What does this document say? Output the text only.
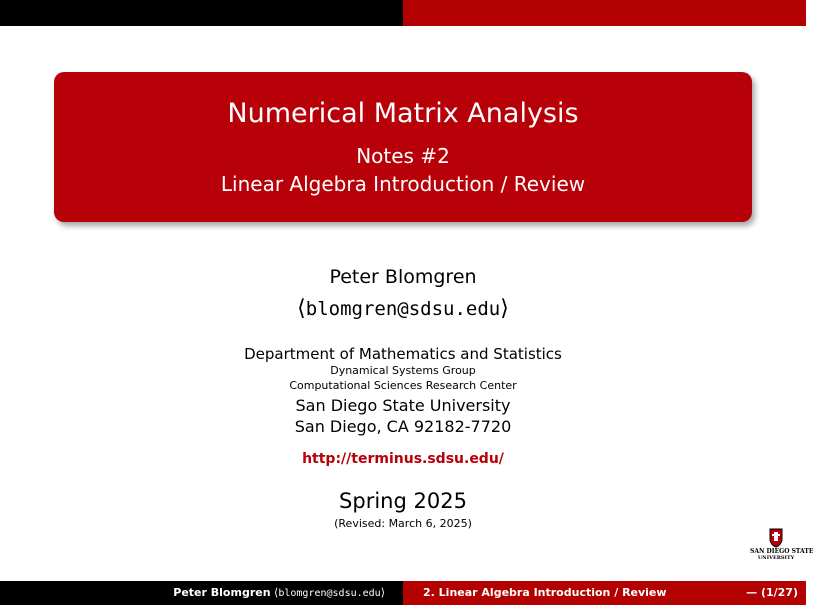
Numerical Matrix Analysis
Notes #2
Linear Algebra Introduction / Review
Peter Blomgren
⟨blomgren@sdsu.edu⟩
Department of Mathematics and Statistics
Dynamical Systems Group
Computational Sciences Research Center
San Diego State University
San Diego, CA 92182-7720
http://terminus.sdsu.edu/
Spring 2025
(Revised: March 6, 2025)
SAN DIEGO STATE
UNIVERSITY
Peter Blomgren ⟨blomgren@sdsu.edu⟩	2. Linear Algebra Introduction / Review	— (1/27)
